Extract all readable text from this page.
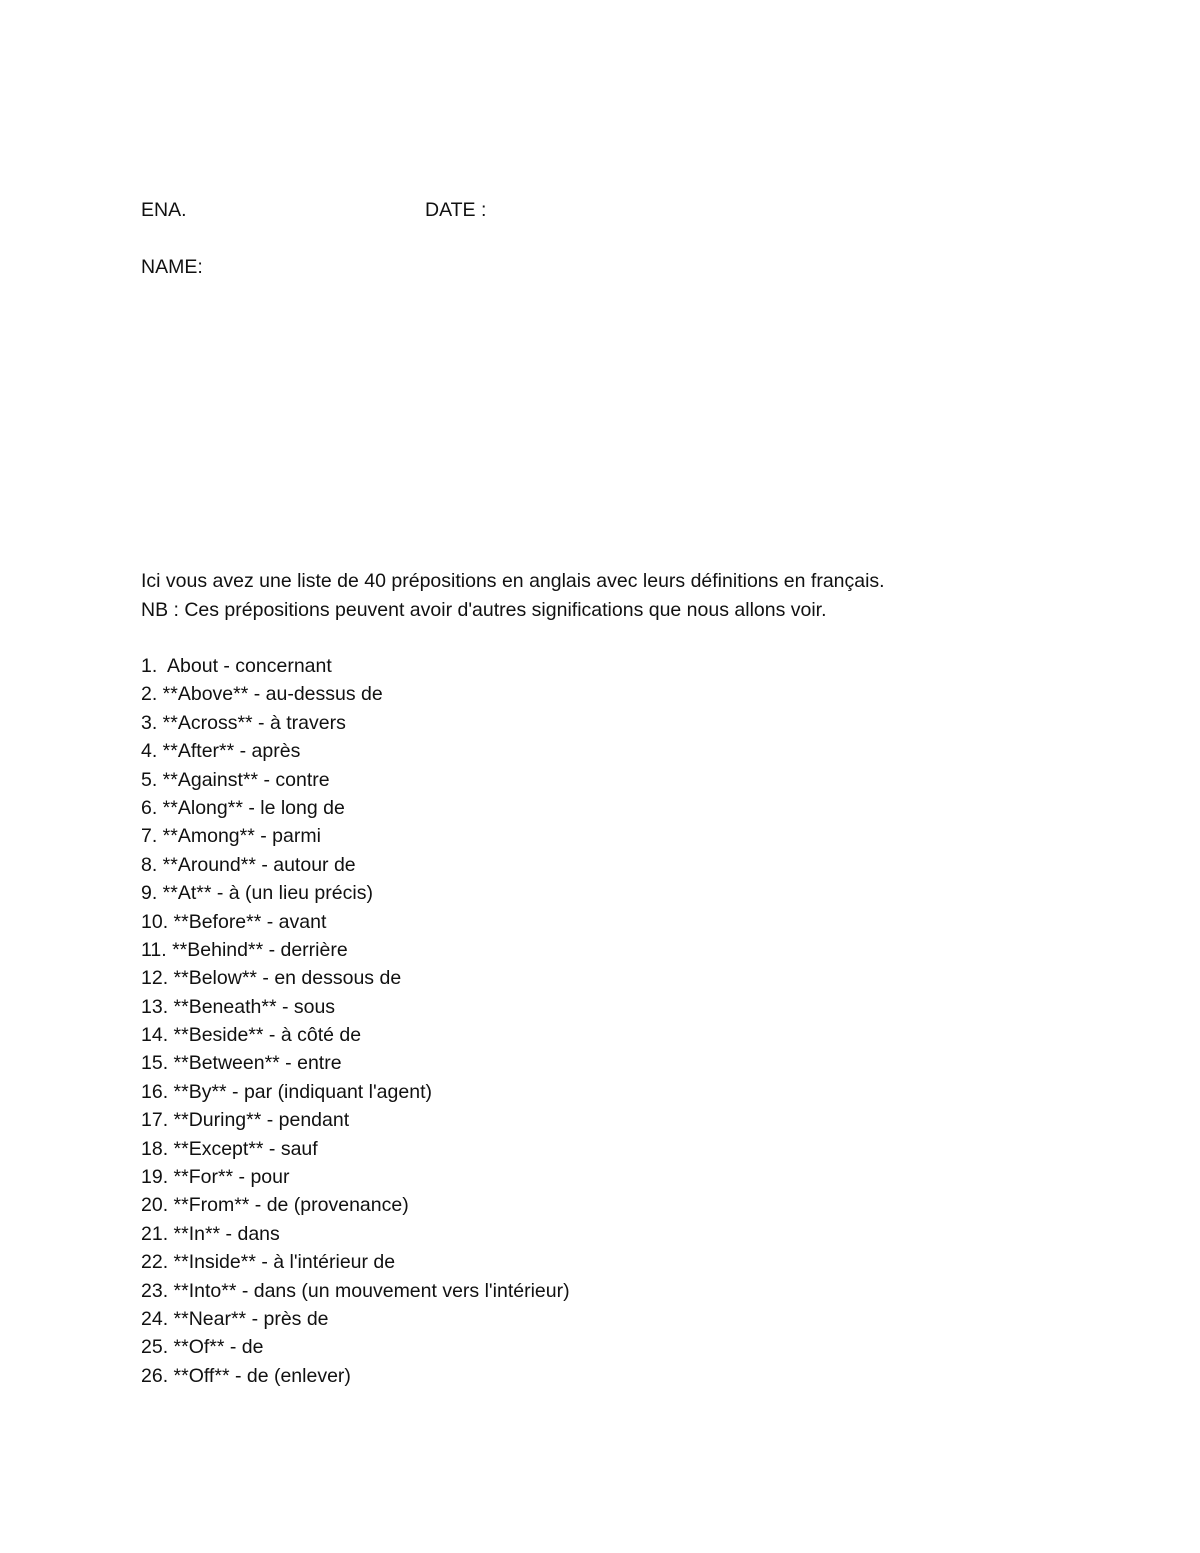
ENA.	DATE :
NAME:
Ici vous avez une liste de 40 prépositions en anglais avec leurs définitions en français.
NB : Ces prépositions peuvent avoir d'autres significations que nous allons voir.
1.  About - concernant
2. **Above** - au-dessus de
3. **Across** - à travers
4. **After** - après
5. **Against** - contre
6. **Along** - le long de
7. **Among** - parmi
8. **Around** - autour de
9. **At** - à (un lieu précis)
10. **Before** - avant
11. **Behind** - derrière
12. **Below** - en dessous de
13. **Beneath** - sous
14. **Beside** - à côté de
15. **Between** - entre
16. **By** - par (indiquant l'agent)
17. **During** - pendant
18. **Except** - sauf
19. **For** - pour
20. **From** - de (provenance)
21. **In** - dans
22. **Inside** - à l'intérieur de
23. **Into** - dans (un mouvement vers l'intérieur)
24. **Near** - près de
25. **Of** - de
26. **Off** - de (enlever)
